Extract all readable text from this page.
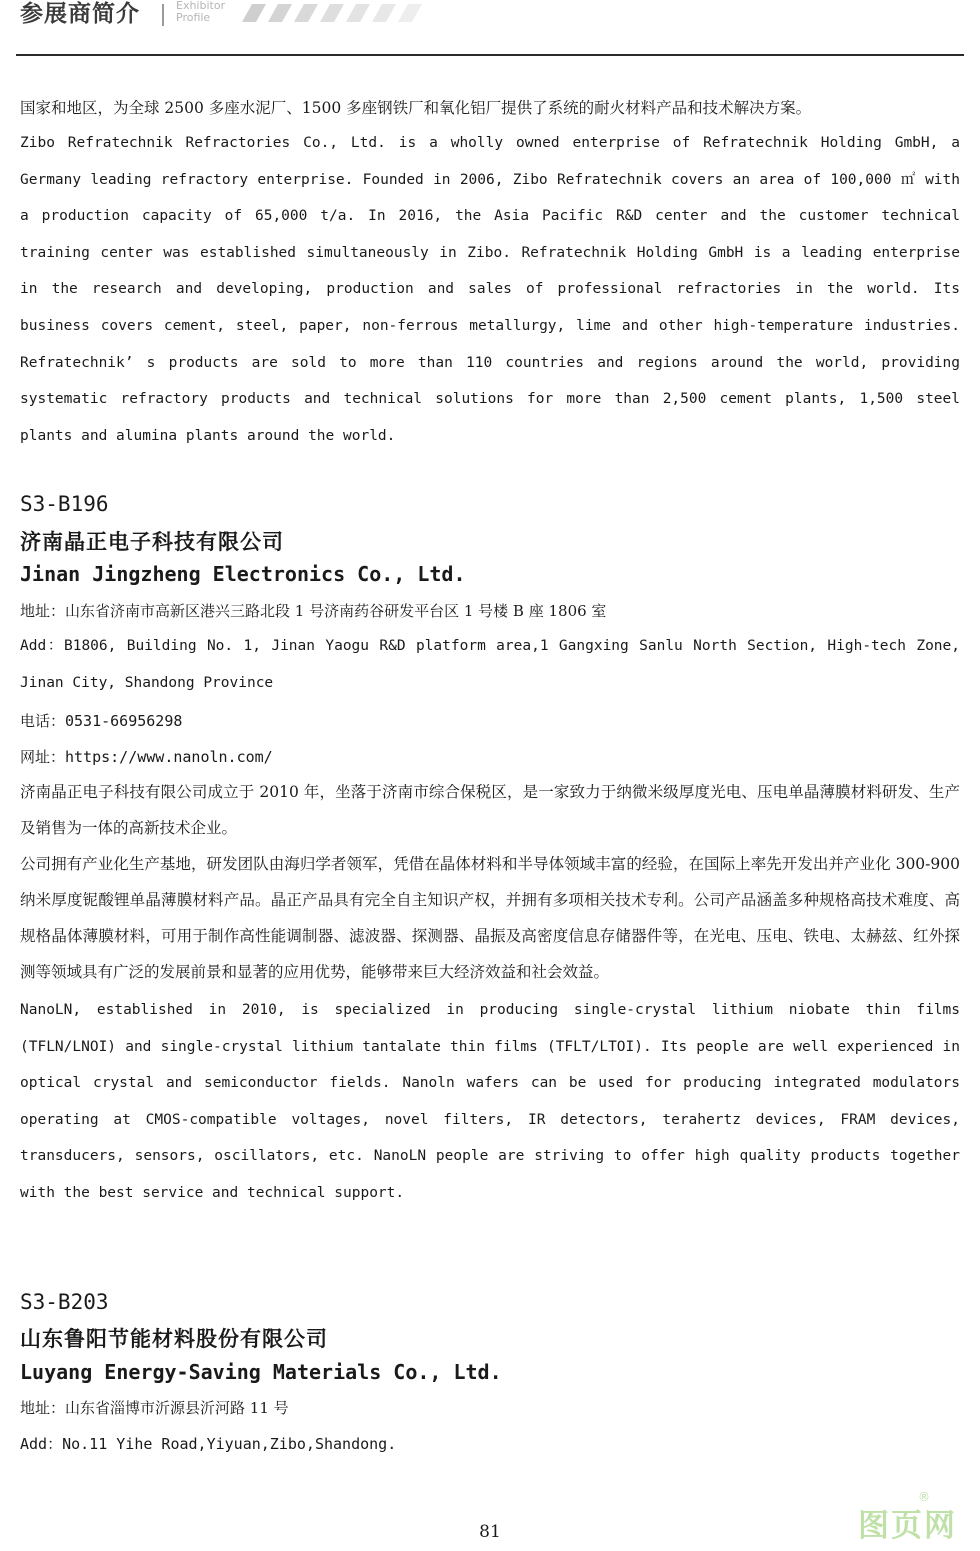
参展商简介	Exhibitor
Profile
国家和地区，为全球 2500 多座水泥厂、1500 多座钢铁厂和氧化铝厂提供了系统的耐火材料产品和技术解决方案。
Zibo Refratechnik Refractories Co., Ltd. is a wholly owned enterprise of Refratechnik Holding GmbH, a Germany leading refractory enterprise. Founded in 2006, Zibo Refratechnik covers an area of 100,000 ㎡ with a production capacity of 65,000 t/a. In 2016, the Asia Pacific R&D center and the customer technical training center was established simultaneously in Zibo. Refratechnik Holding GmbH is a leading enterprise in the research and developing, production and sales of professional refractories in the world. Its business covers cement, steel, paper, non-ferrous metallurgy, lime and other high-temperature industries. Refratechnik’ s products are sold to more than 110 countries and regions around the world, providing systematic refractory products and technical solutions for more than 2,500 cement plants, 1,500 steel plants and alumina plants around the world.
S3-B196
济南晶正电子科技有限公司
Jinan Jingzheng Electronics Co., Ltd.
地址：山东省济南市高新区港兴三路北段 1 号济南药谷研发平台区 1 号楼 B 座 1806 室
Add：B1806, Building No. 1, Jinan Yaogu R&D platform area,1 Gangxing Sanlu North Section, High-tech Zone, Jinan City, Shandong Province
电话：0531-66956298
网址：https://www.nanoln.com/
济南晶正电子科技有限公司成立于 2010 年，坐落于济南市综合保税区，是一家致力于纳微米级厚度光电、压电单晶薄膜材料研发、生产及销售为一体的高新技术企业。
公司拥有产业化生产基地，研发团队由海归学者领军，凭借在晶体材料和半导体领域丰富的经验，在国际上率先开发出并产业化 300-900 纳米厚度铌酸锂单晶薄膜材料产品。晶正产品具有完全自主知识产权，并拥有多项相关技术专利。公司产品涵盖多种规格高技术难度、高规格晶体薄膜材料，可用于制作高性能调制器、滤波器、探测器、晶振及高密度信息存储器件等，在光电、压电、铁电、太赫兹、红外探测等领域具有广泛的发展前景和显著的应用优势，能够带来巨大经济效益和社会效益。
NanoLN, established in 2010, is specialized in producing single-crystal lithium niobate thin films (TFLN/LNOI) and single-crystal lithium tantalate thin films (TFLT/LTOI). Its people are well experienced in optical crystal and semiconductor fields. Nanoln wafers can be used for producing integrated modulators operating at CMOS-compatible voltages, novel filters, IR detectors, terahertz devices, FRAM devices, transducers, sensors, oscillators, etc. NanoLN people are striving to offer high quality products together with the best service and technical support.
S3-B203
山东鲁阳节能材料股份有限公司
Luyang Energy-Saving Materials Co., Ltd.
地址：山东省淄博市沂源县沂河路 11 号
Add：No.11 Yihe Road,Yiyuan,Zibo,Shandong.
81	图页网
®
